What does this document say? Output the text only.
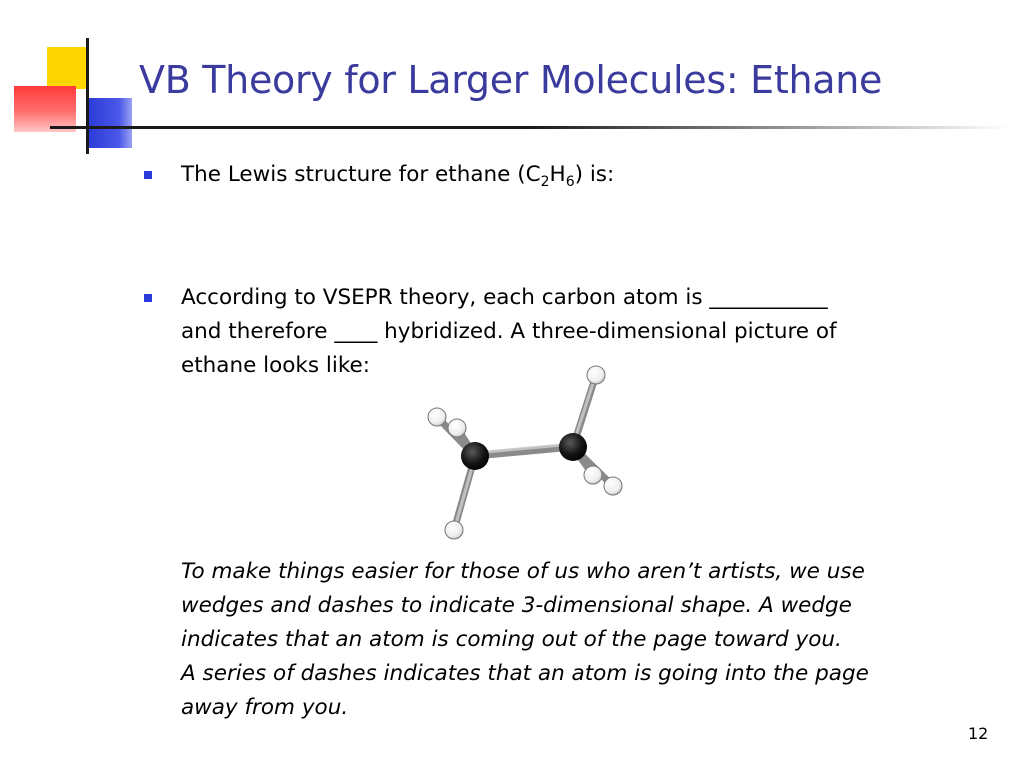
VB Theory for Larger Molecules: Ethane
The Lewis structure for ethane $(C_2H_6)$ is:
According to VSEPR theory, each carbon atom is ___________
and therefore ____ hybridized. A three-dimensional picture of
ethane looks like:
To make things easier for those of us who aren’t artists, we use
wedges and dashes to indicate 3-dimensional shape. A wedge
indicates that an atom is coming out of the page toward you.
A series of dashes indicates that an atom is going into the page
away from you.
12
